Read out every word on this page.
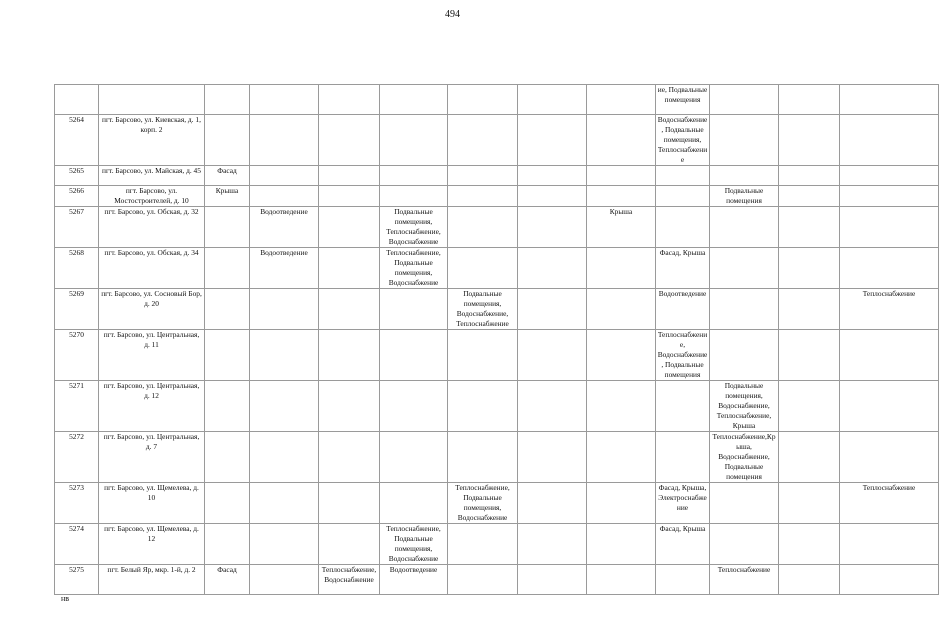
494
									ие, Подвальные помещения			
5264	пгт. Барсово, ул. Киевская, д. 1, корп. 2								Водоснабжение, Подвальные помещения, Теплоснабжение			
5265	пгт. Барсово, ул. Майская, д. 45	Фасад										
5266	пгт. Барсово, ул. Мостостроителей, д. 10	Крыша								Подвальные помещения		
5267	пгт. Барсово, ул. Обская, д. 32		Водоотведение		Подвальные помещения, Теплоснабжение, Водоснабжение			Крыша				
5268	пгт. Барсово, ул. Обская, д. 34		Водоотведение		Теплоснабжение, Подвальные помещения, Водоснабжение				Фасад, Крыша			
5269	пгт. Барсово, ул. Сосновый Бор, д. 20					Подвальные помещения, Водоснабжение, Теплоснабжение			Водоотведение			Теплоснабжение
5270	пгт. Барсово, ул. Центральная, д. 11								Теплоснабжение, Водоснабжение, Подвальные помещения			
5271	пгт. Барсово, ул. Центральная, д. 12									Подвальные помещения, Водоснабжение, Теплоснабжение, Крыша		
5272	пгт. Барсово, ул. Центральная, д. 7									Теплоснабжение,Крыша, Водоснабжение, Подвальные помещения		
5273	пгт. Барсово, ул. Щемелева, д. 10					Теплоснабжение, Подвальные помещения, Водоснабжение			Фасад, Крыша, Электроснабжение			Теплоснабжение
5274	пгт. Барсово, ул. Щемелева, д. 12				Теплоснабжение, Подвальные помещения, Водоснабжение				Фасад, Крыша			
5275	пгт. Белый Яр, мкр. 1-й, д. 2	Фасад		Теплоснабжение, Водоснабжение	Водоотведение					Теплоснабжение		
нв
